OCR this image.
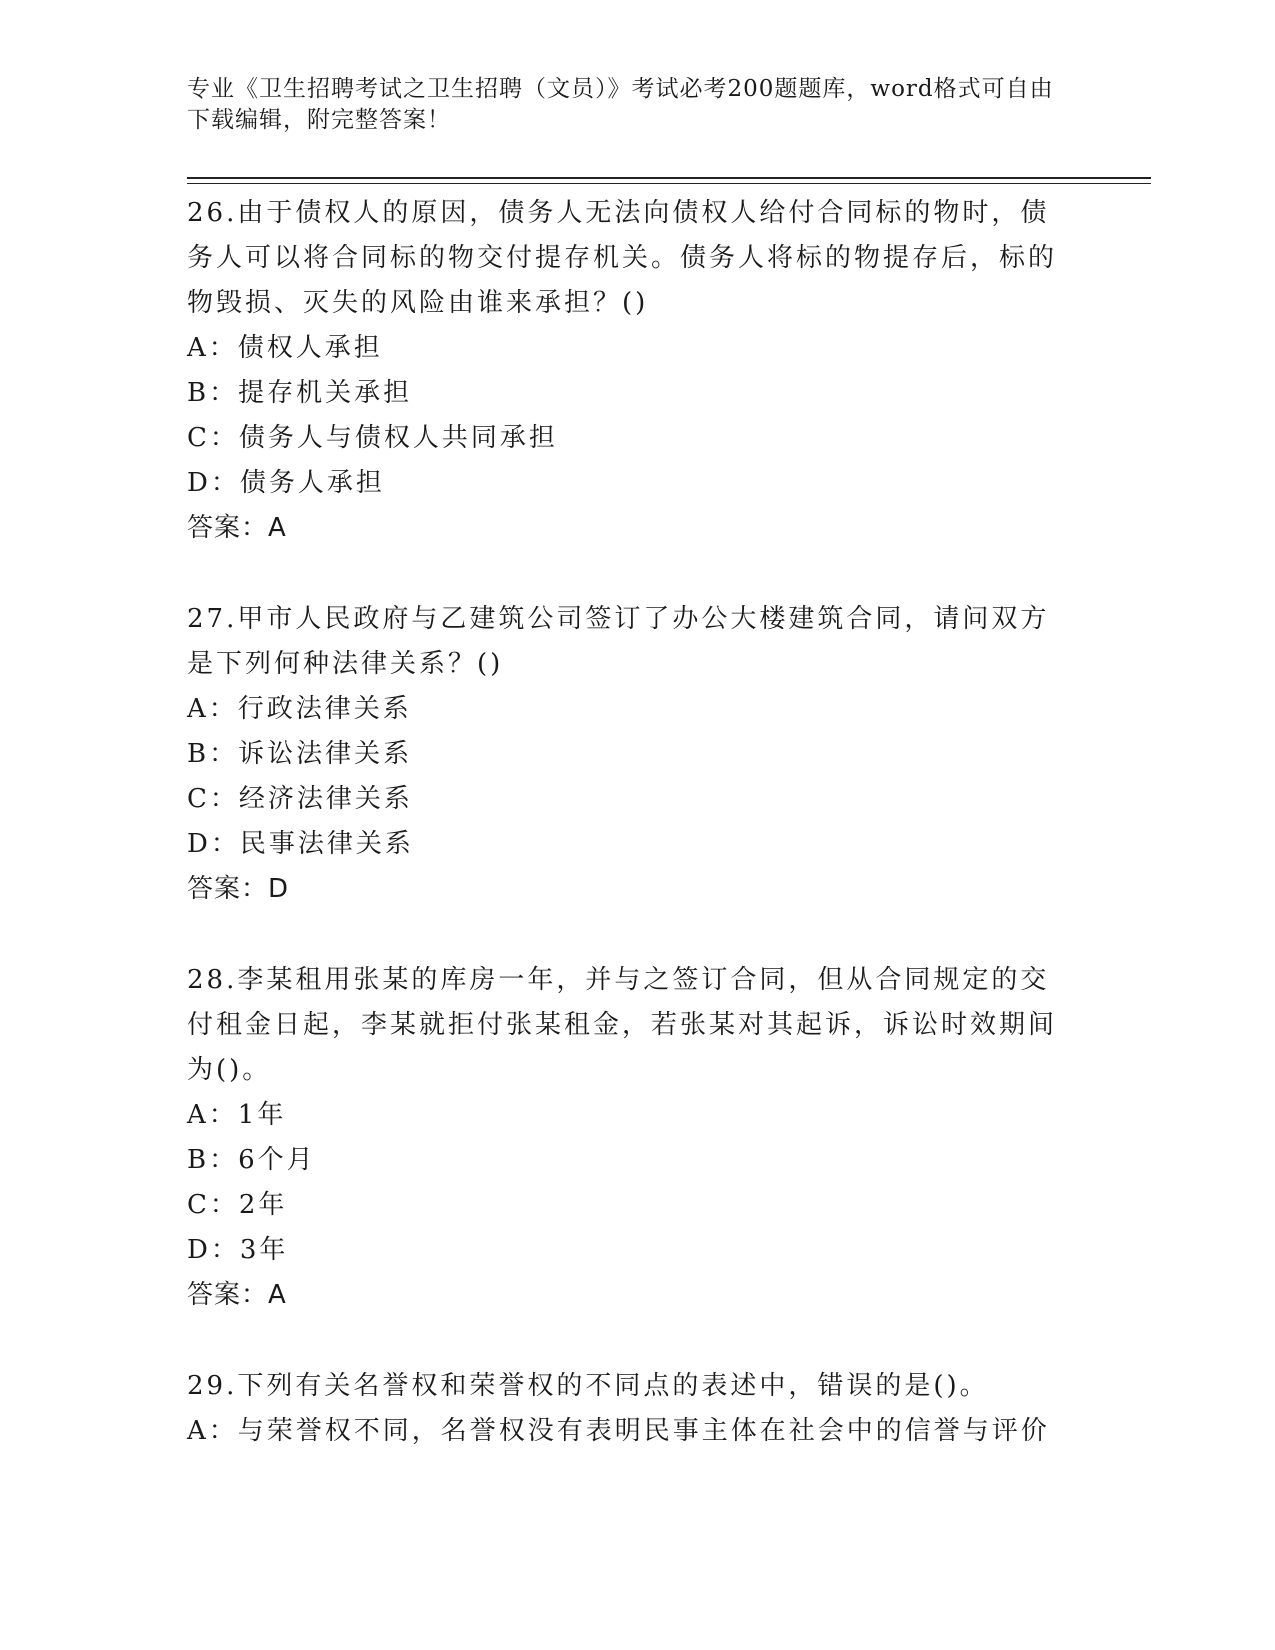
专业《卫生招聘考试之卫生招聘（文员）》考试必考200题题库，word格式可自由下载编辑，附完整答案！
26.由于债权人的原因，债务人无法向债权人给付合同标的物时，债务人可以将合同标的物交付提存机关。债务人将标的物提存后，标的物毁损、灭失的风险由谁来承担？()
A：债权人承担
B：提存机关承担
C：债务人与债权人共同承担
D：债务人承担
答案：A
27.甲市人民政府与乙建筑公司签订了办公大楼建筑合同，请问双方是下列何种法律关系？()
A：行政法律关系
B：诉讼法律关系
C：经济法律关系
D：民事法律关系
答案：D
28.李某租用张某的库房一年，并与之签订合同，但从合同规定的交付租金日起，李某就拒付张某租金，若张某对其起诉，诉讼时效期间为()。
A：1年
B：6个月
C：2年
D：3年
答案：A
29.下列有关名誉权和荣誉权的不同点的表述中，错误的是()。
A：与荣誉权不同，名誉权没有表明民事主体在社会中的信誉与评价
